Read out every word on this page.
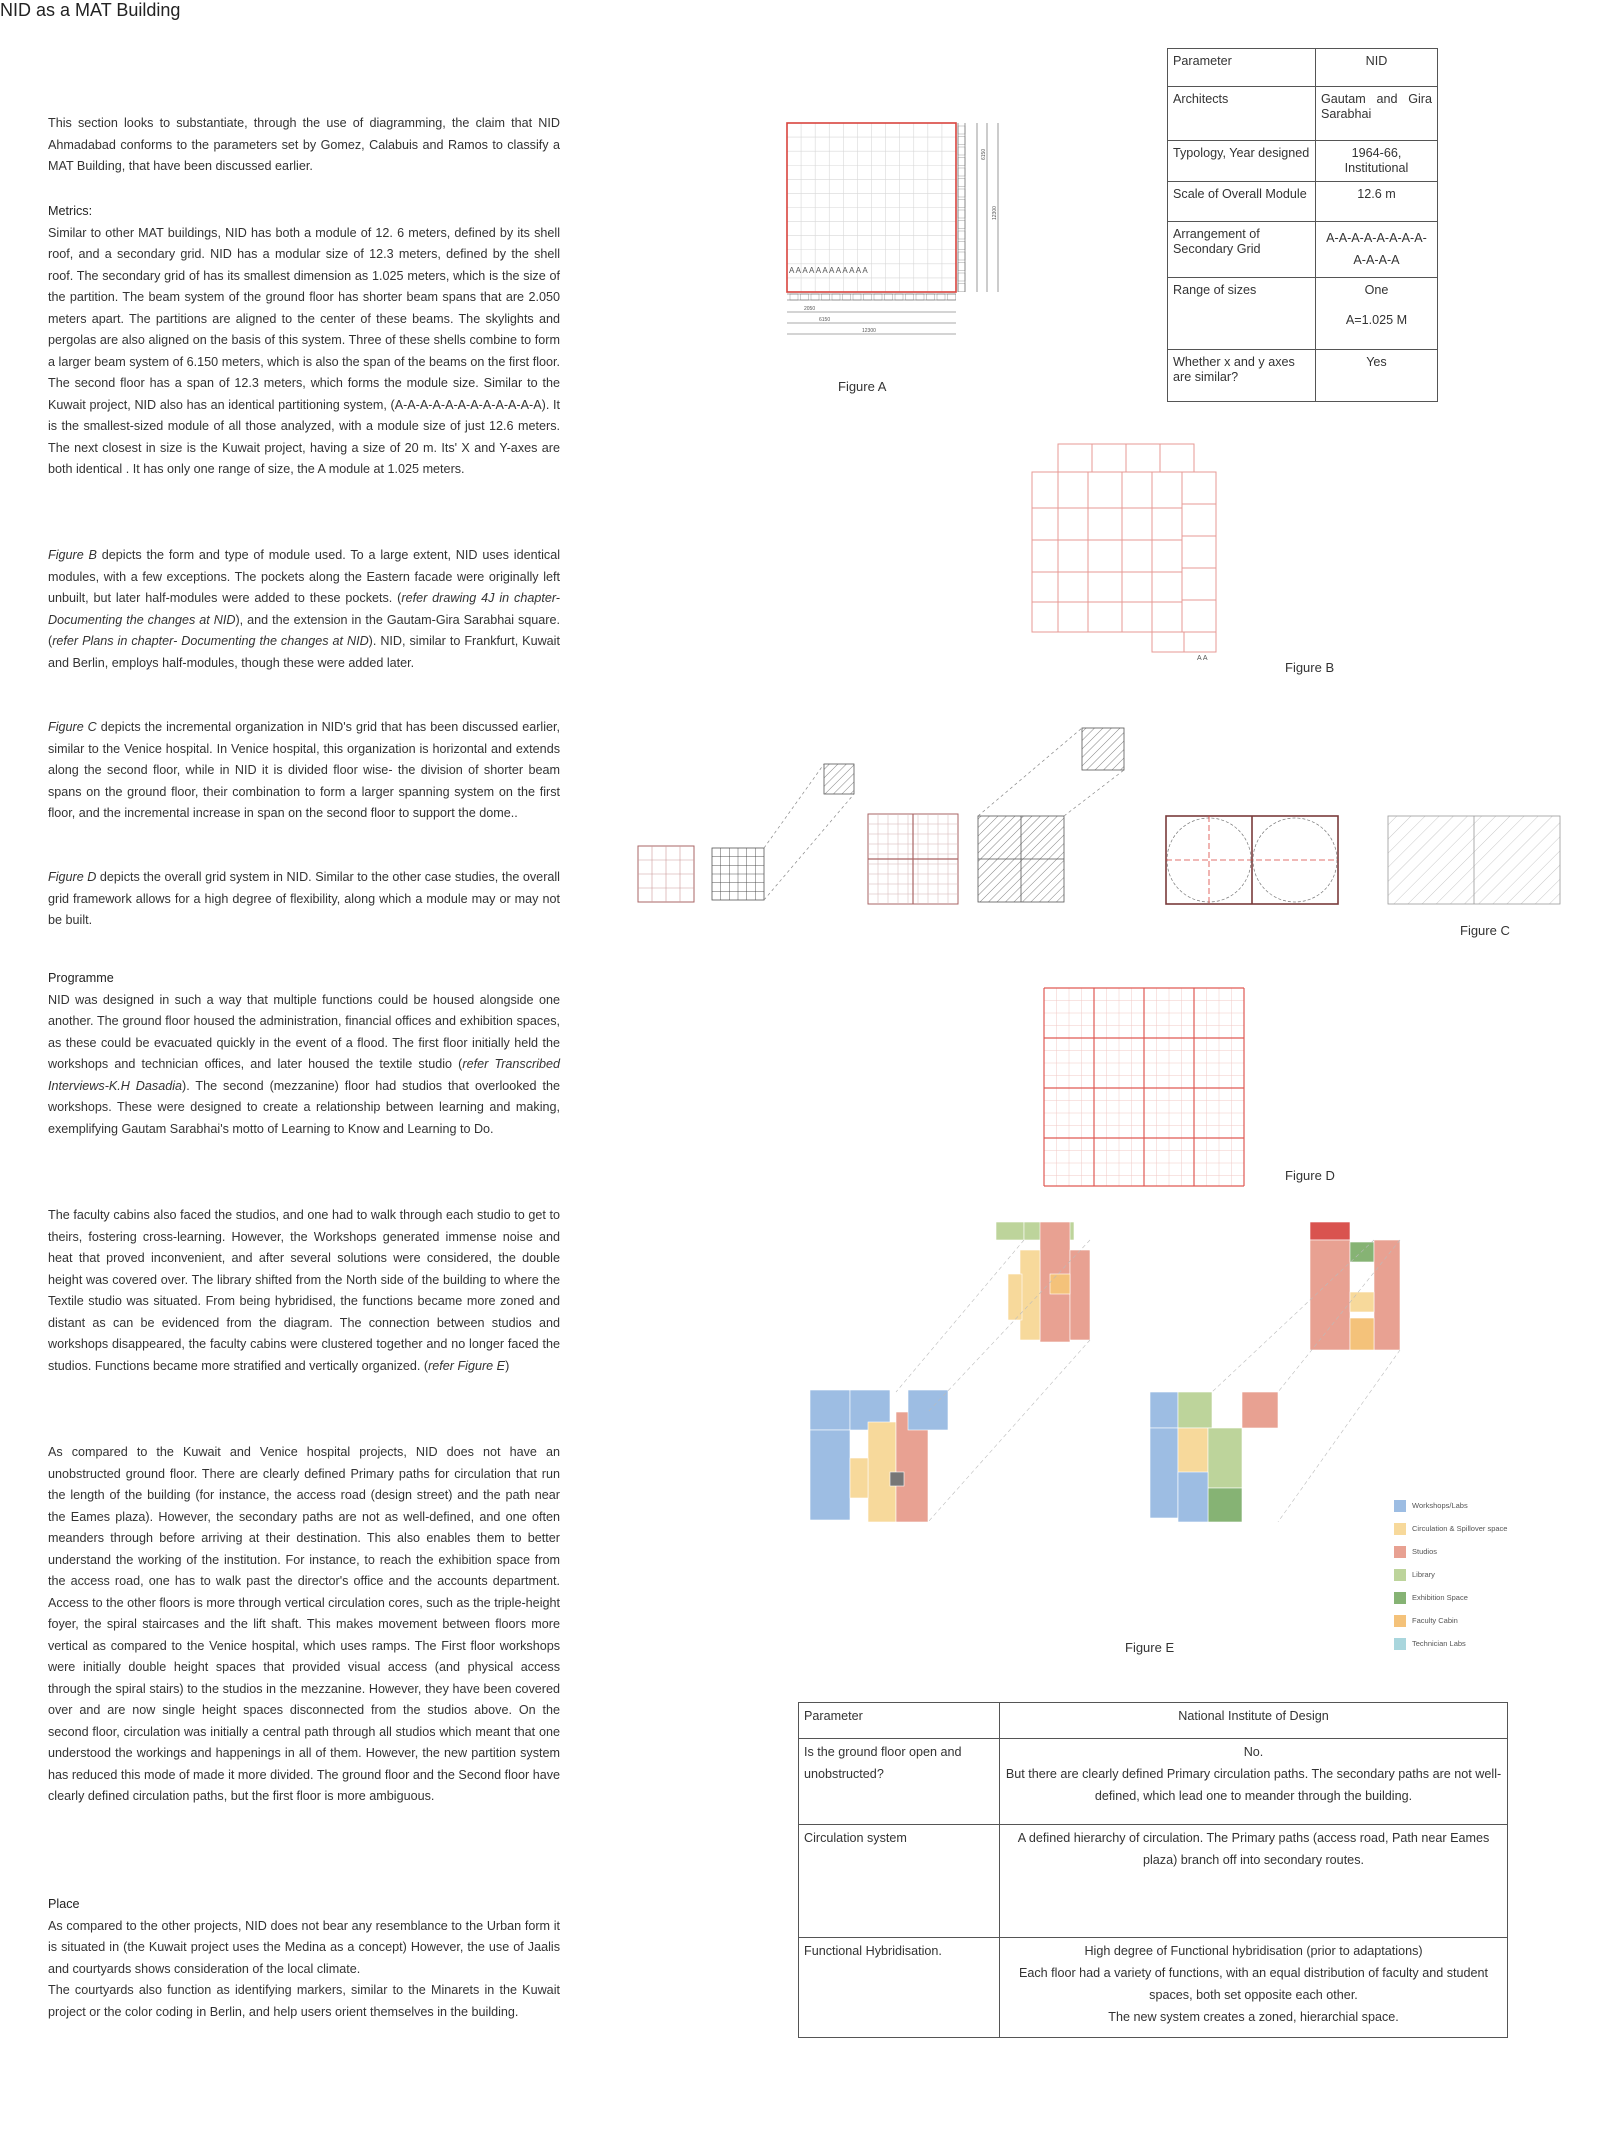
NID as a MAT Building
This section looks to substantiate, through the use of diagramming, the claim that NID Ahmadabad conforms to the parameters set by Gomez, Calabuis and Ramos to classify a MAT Building, that have been discussed earlier.
Metrics:
Similar to other MAT buildings, NID has both a module of 12. 6 meters, defined by its shell roof, and a secondary grid. NID has a modular size of 12.3 meters, defined by the shell roof. The secondary grid of has its smallest dimension as 1.025 meters, which is the size of the partition. The beam system of the ground floor has shorter beam spans that are 2.050 meters apart. The partitions are aligned to the center of these beams. The skylights and pergolas are also aligned on the basis of this system. Three of these shells combine to form a larger beam system of 6.150 meters, which is also the span of the beams on the first floor. The second floor has a span of 12.3 meters, which forms the module size. Similar to the Kuwait project, NID also has an identical partitioning system, (A-A-A-A-A-A-A-A-A-A-A-A). It is the smallest-sized module of all those analyzed, with a module size of just 12.6 meters. The next closest in size is the Kuwait project, having a size of 20 m. Its' X and Y-axes are both identical . It has only one range of size, the A module at 1.025 meters.
Figure B depicts the form and type of module used. To a large extent, NID uses identical modules, with a few exceptions. The pockets along the Eastern facade were originally left unbuilt, but later half-modules were added to these pockets. (refer drawing 4J in chapter- Documenting the changes at NID), and the extension in the Gautam-Gira Sarabhai square. (refer Plans in chapter- Documenting the changes at NID). NID, similar to Frankfurt, Kuwait and Berlin, employs half-modules, though these were added later.
Figure C depicts the incremental organization in NID's grid that has been discussed earlier, similar to the Venice hospital. In Venice hospital, this organization is horizontal and extends along the second floor, while in NID it is divided floor wise- the division of shorter beam spans on the ground floor, their combination to form a larger spanning system on the first floor, and the incremental increase in span on the second floor to support the dome..
Figure D depicts the overall grid system in NID. Similar to the other case studies, the overall grid framework allows for a high degree of flexibility, along which a module may or may not be built.
Programme

NID was designed in such a way that multiple functions could be housed alongside one another. The ground floor housed the administration, financial offices and exhibition spaces, as these could be evacuated quickly in the event of a flood. The first floor initially held the workshops and technician offices, and later housed the textile studio (refer Transcribed Interviews-K.H Dasadia). The second (mezzanine) floor had studios that overlooked the workshops. These were designed to create a relationship between learning and making, exemplifying Gautam Sarabhai's motto of Learning to Know and Learning to Do.

The faculty cabins also faced the studios, and one had to walk through each studio to get to theirs, fostering cross-learning. However, the Workshops generated immense noise and heat that proved inconvenient, and after several solutions were considered, the double height was covered over. The library shifted from the North side of the building to where the Textile studio was situated. From being hybridised, the functions became more zoned and distant as can be evidenced from the diagram. The connection between studios and workshops disappeared, the faculty cabins were clustered together and no longer faced the studios. Functions became more stratified and vertically organized. (refer Figure E)
As compared to the Kuwait and Venice hospital projects, NID does not have an unobstructed ground floor. There are clearly defined Primary paths for circulation that run the length of the building (for instance, the access road (design street) and the path near the Eames plaza). However, the secondary paths are not as well-defined, and one often meanders through before arriving at their destination. This also enables them to better understand the working of the institution. For instance, to reach the exhibition space from the access road, one has to walk past the director's office and the accounts department. Access to the other floors is more through vertical circulation cores, such as the triple-height foyer, the spiral staircases and the lift shaft. This makes movement between floors more vertical as compared to the Venice hospital, which uses ramps. The First floor workshops were initially double height spaces that provided visual access (and physical access through the spiral stairs) to the studios in the mezzanine. However, they have been covered over and are now single height spaces disconnected from the studios above. On the second floor, circulation was initially a central path through all studios which meant that one understood the workings and happenings in all of them. However, the new partition system has reduced this mode of made it more divided. The ground floor and the Second floor have clearly defined circulation paths, but the first floor is more ambiguous.
Place

As compared to the other projects, NID does not bear any resemblance to the Urban form it is situated in (the Kuwait project uses the Medina as a concept) However, the use of Jaalis and courtyards shows consideration of the local climate.

The courtyards also function as identifying markers, similar to the Minarets in the Kuwait project or the color coding in Berlin, and help users orient themselves in the building.

Parameter	NID
Architects	Gautam and Gira Sarabhai
Typology, Year designed	1964-66, Institutional
Scale of Overall Module	12.6 m
Arrangement of Secondary Grid	A-A-A-A-A-A-A-A-A-A-A-A
Range of sizes	One

A=1.025 M
Whether x and y axes are similar?	Yes
Parameter	National Institute of Design
Is the ground floor open and unobstructed?	No.
But there are clearly defined Primary circulation paths. The secondary paths are not well-defined, which lead one to meander through the building.
Circulation system	A defined hierarchy of circulation. The Primary paths (access road, Path near Eames plaza) branch off into secondary routes.
Functional Hybridisation.	High degree of Functional hybridisation (prior to adaptations)
Each floor had a variety of functions, with an equal distribution of faculty and student spaces, both set opposite each other.
The new system creates a zoned, hierarchial space.
A A A A A A A A A A A A
2050
6150
12300
6150
12300
Figure A
A A
Figure B
Figure C
Figure D
Figure E
Workshops/Labs
Circulation & Spillover space
Studios
Library
Exhibition Space
Faculty Cabin
Technician Labs
